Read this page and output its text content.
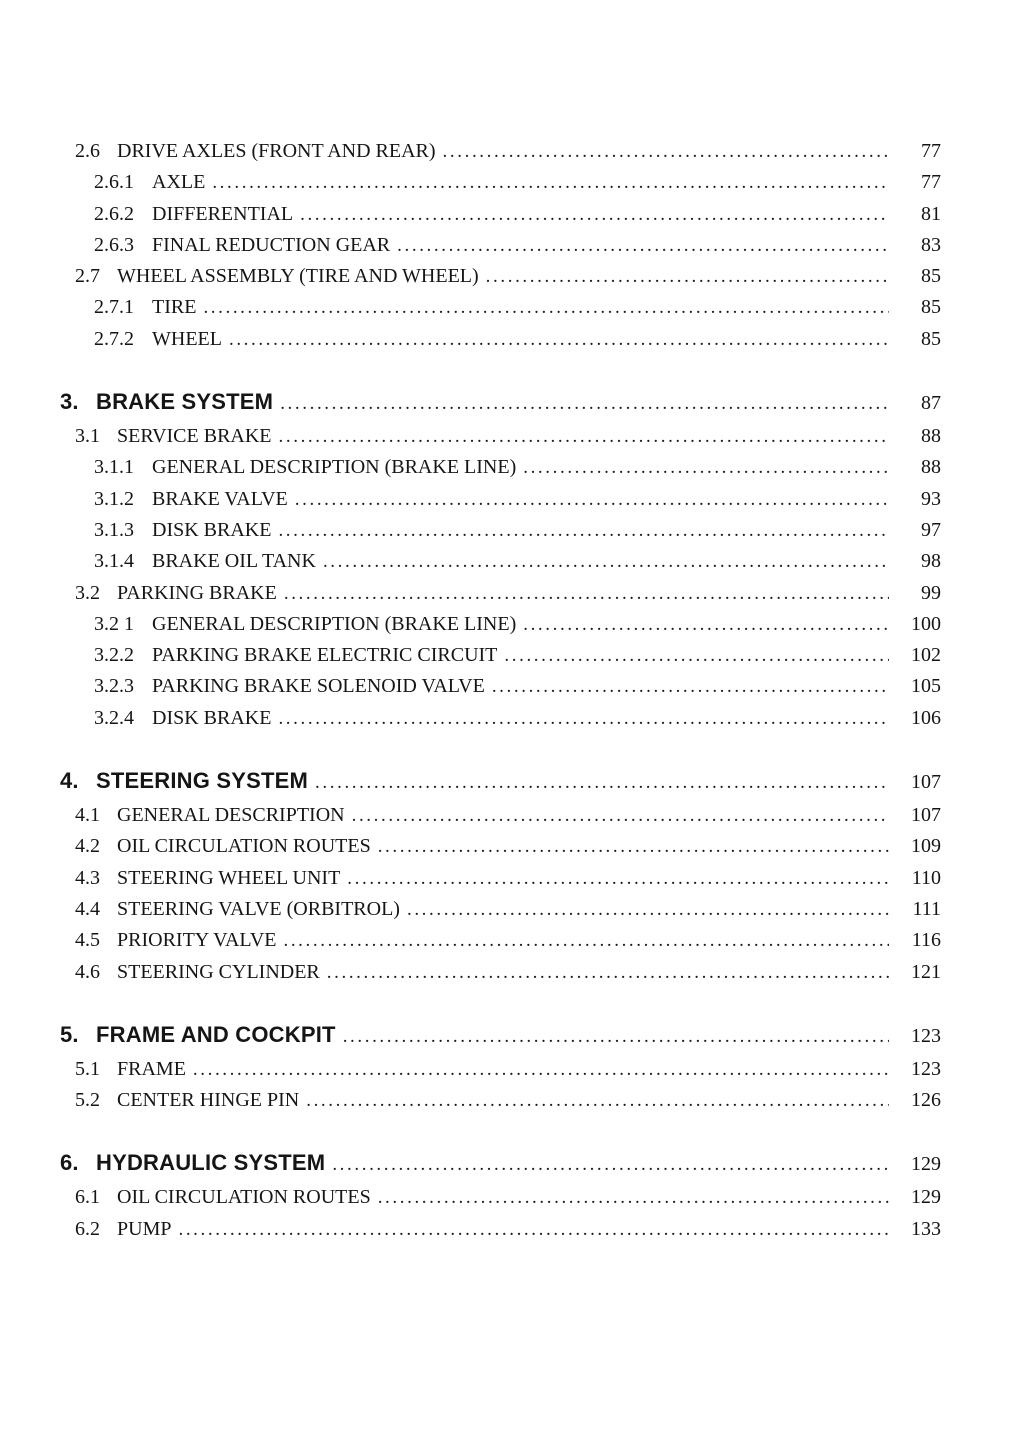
2.6 DRIVE AXLES (FRONT AND REAR) .....	77
2.6.1 AXLE .....	77
2.6.2 DIFFERENTIAL .....	81
2.6.3 FINAL REDUCTION GEAR .....	83
2.7 WHEEL ASSEMBLY (TIRE AND WHEEL) .....	85
2.7.1 TIRE .....	85
2.7.2 WHEEL .....	85
3. BRAKE SYSTEM .....	87
3.1 SERVICE BRAKE .....	88
3.1.1 GENERAL DESCRIPTION (BRAKE LINE) .....	88
3.1.2 BRAKE VALVE .....	93
3.1.3 DISK BRAKE .....	97
3.1.4 BRAKE OIL TANK .....	98
3.2 PARKING BRAKE .....	99
3.2 1 GENERAL DESCRIPTION (BRAKE LINE) .....	100
3.2.2 PARKING BRAKE ELECTRIC CIRCUIT .....	102
3.2.3 PARKING BRAKE SOLENOID VALVE .....	105
3.2.4 DISK BRAKE .....	106
4. STEERING SYSTEM .....	107
4.1 GENERAL DESCRIPTION .....	107
4.2 OIL CIRCULATION ROUTES .....	109
4.3 STEERING WHEEL UNIT .....	110
4.4 STEERING VALVE (ORBITROL) .....	111
4.5 PRIORITY VALVE .....	116
4.6 STEERING CYLINDER .....	121
5. FRAME AND COCKPIT .....	123
5.1 FRAME .....	123
5.2 CENTER HINGE PIN .....	126
6. HYDRAULIC SYSTEM .....	129
6.1 OIL CIRCULATION ROUTES .....	129
6.2 PUMP .....	133
